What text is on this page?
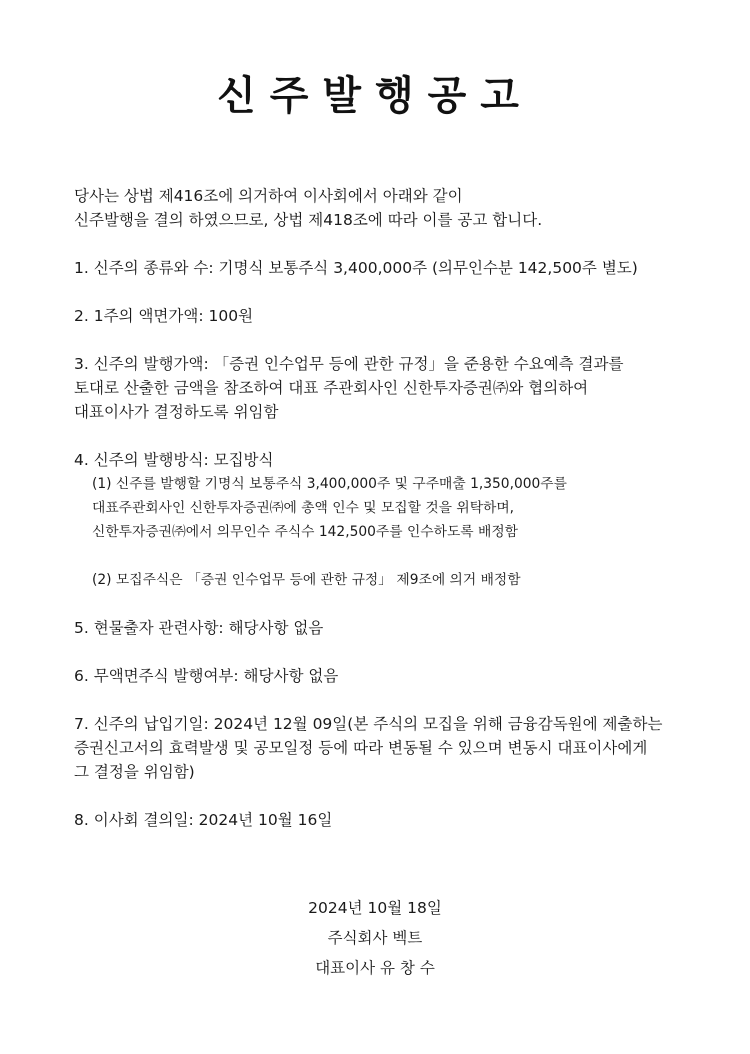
신주발행공고
당사는 상법 제416조에 의거하여 이사회에서 아래와 같이
신주발행을 결의 하였으므로, 상법 제418조에 따라 이를 공고 합니다.
1. 신주의 종류와 수: 기명식 보통주식 3,400,000주 (의무인수분 142,500주 별도)
2. 1주의 액면가액: 100원
3. 신주의 발행가액: 「증권 인수업무 등에 관한 규정」을 준용한 수요예측 결과를
토대로 산출한 금액을 참조하여 대표 주관회사인 신한투자증권㈜와 협의하여
대표이사가 결정하도록 위임함
4. 신주의 발행방식: 모집방식
(1) 신주를 발행할 기명식 보통주식 3,400,000주 및 구주매출 1,350,000주를
대표주관회사인 신한투자증권㈜에 총액 인수 및 모집할 것을 위탁하며,
신한투자증권㈜에서 의무인수 주식수 142,500주를 인수하도록 배정함
(2) 모집주식은 「증권 인수업무 등에 관한 규정」 제9조에 의거 배정함
5. 현물출자 관련사항: 해당사항 없음
6. 무액면주식 발행여부: 해당사항 없음
7. 신주의 납입기일: 2024년 12월 09일(본 주식의 모집을 위해 금융감독원에 제출하는
증권신고서의 효력발생 및 공모일정 등에 따라 변동될 수 있으며 변동시 대표이사에게
그 결정을 위임함)
8. 이사회 결의일: 2024년 10월 16일
2024년 10월 18일
주식회사 벡트
대표이사 유 창 수
